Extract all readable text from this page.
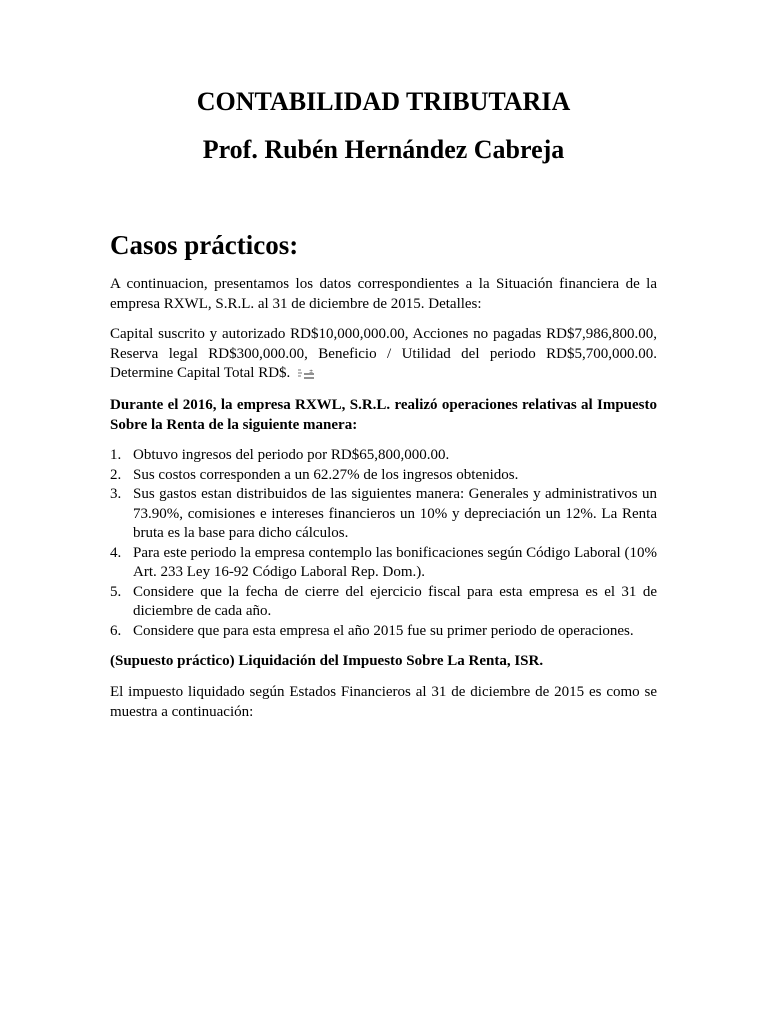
CONTABILIDAD TRIBUTARIA
Prof. Rubén Hernández Cabreja
Casos prácticos:

A continuacion, presentamos los datos correspondientes a la Situación financiera de la empresa RXWL, S.R.L. al 31 de diciembre de 2015. Detalles:

Capital suscrito y autorizado RD$10,000,000.00, Acciones no pagadas RD$7,986,800.00, Reserva legal RD$300,000.00, Beneficio / Utilidad del periodo RD$5,700,000.00. Determine Capital Total RD$.	±

Durante el 2016, la empresa RXWL, S.R.L. realizó operaciones relativas al Impuesto Sobre la Renta de la siguiente manera:

1. Obtuvo ingresos del periodo por RD$65,800,000.00.
2. Sus costos corresponden a un 62.27% de los ingresos obtenidos.
3. Sus gastos estan distribuidos de las siguientes manera: Generales y administrativos un 73.90%, comisiones e intereses financieros un 10% y depreciación un 12%. La Renta bruta es la base para dicho cálculos.
4. Para este periodo la empresa contemplo las bonificaciones según Código Laboral (10% Art. 233 Ley 16-92 Código Laboral Rep. Dom.).
5. Considere que la fecha de cierre del ejercicio fiscal para esta empresa es el 31 de diciembre de cada año.
6. Considere que para esta empresa el año 2015 fue su primer periodo de operaciones.

(Supuesto práctico) Liquidación del Impuesto Sobre La Renta, ISR.

El impuesto liquidado según Estados Financieros al 31 de diciembre de 2015 es como se muestra a continuación:
